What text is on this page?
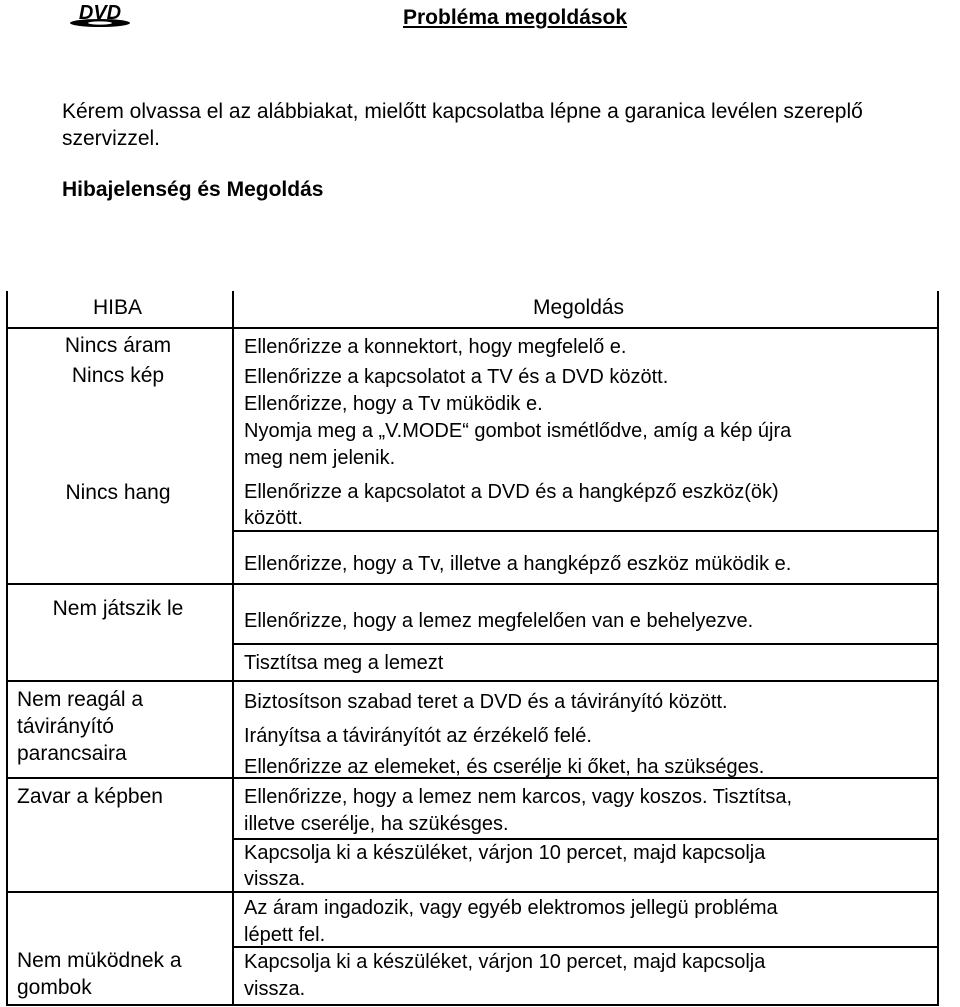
DVD	Probléma megoldások
Kérem olvassa el az alábbiakat, mielőtt kapcsolatba lépne a garanica levélen szereplő szervizzel.
Hibajelenség és Megoldás
HIBA	Megoldás
Nincs áram
Nincs kép
Nincs hang
Nem játszik le
Nem reagál a távirányító parancsaira
Zavar a képben
Nem müködnek a gombok
Ellenőrizze a konnektort, hogy megfelelő e.
Ellenőrizze a kapcsolatot a TV és a DVD között.
Ellenőrizze, hogy a Tv müködik e.
Nyomja meg a „V.MODE“ gombot ismétlődve, amíg a kép újra
meg nem jelenik.
Ellenőrizze a kapcsolatot a DVD és a hangképző eszköz(ök)
között.
Ellenőrizze, hogy a Tv, illetve a hangképző eszköz müködik e.
Ellenőrizze, hogy a lemez megfelelően van e behelyezve.
Tisztítsa meg a lemezt
Biztosítson szabad teret a DVD és a távirányító között.
Irányítsa a távirányítót az érzékelő felé.
Ellenőrizze az elemeket, és cserélje ki őket, ha szükséges.
Ellenőrizze, hogy a lemez nem karcos, vagy koszos. Tisztítsa,
illetve cserélje, ha szükésges.
Kapcsolja ki a készüléket, várjon 10 percet, majd kapcsolja
vissza.
Az áram ingadozik, vagy egyéb elektromos jellegü probléma
lépett fel.
Kapcsolja ki a készüléket, várjon 10 percet, majd kapcsolja
vissza.
